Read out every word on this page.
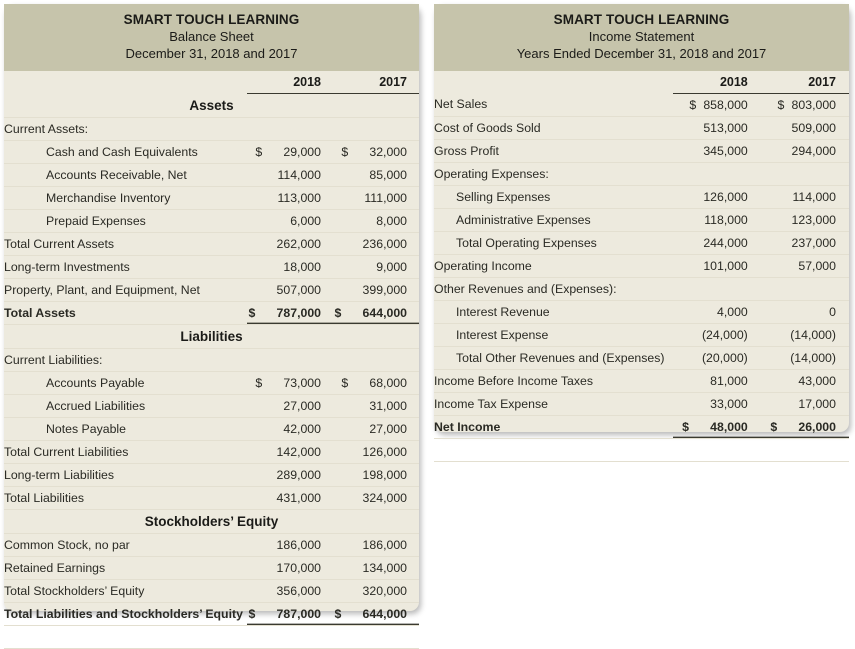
SMART TOUCH LEARNING
Balance Sheet
December 31, 2018 and 2017
	2018	2017
Assets		
Current Assets:		
Cash and Cash Equivalents	$ 29,000	$ 32,000
Accounts Receivable, Net	114,000	85,000
Merchandise Inventory	113,000	111,000
Prepaid Expenses	6,000	8,000
Total Current Assets	262,000	236,000
Long-term Investments	18,000	9,000
Property, Plant, and Equipment, Net	507,000	399,000
Total Assets	$ 787,000	$ 644,000
Liabilities		
Current Liabilities:		
Accounts Payable	$ 73,000	$ 68,000
Accrued Liabilities	27,000	31,000
Notes Payable	42,000	27,000
Total Current Liabilities	142,000	126,000
Long-term Liabilities	289,000	198,000
Total Liabilities	431,000	324,000
Stockholders’ Equity		
Common Stock, no par	186,000	186,000
Retained Earnings	170,000	134,000
Total Stockholders’ Equity	356,000	320,000
Total Liabilities and Stockholders’ Equity	$ 787,000	$ 644,000

SMART TOUCH LEARNING
Income Statement
Years Ended December 31, 2018 and 2017
	2018	2017
Net Sales	$ 858,000	$ 803,000
Cost of Goods Sold	513,000	509,000
Gross Profit	345,000	294,000
Operating Expenses:		
Selling Expenses	126,000	114,000
Administrative Expenses	118,000	123,000
Total Operating Expenses	244,000	237,000
Operating Income	101,000	57,000
Other Revenues and (Expenses):		
Interest Revenue	4,000	0
Interest Expense	(24,000)	(14,000)
Total Other Revenues and (Expenses)	(20,000)	(14,000)
Income Before Income Taxes	81,000	43,000
Income Tax Expense	33,000	17,000
Net Income	$ 48,000	$ 26,000
